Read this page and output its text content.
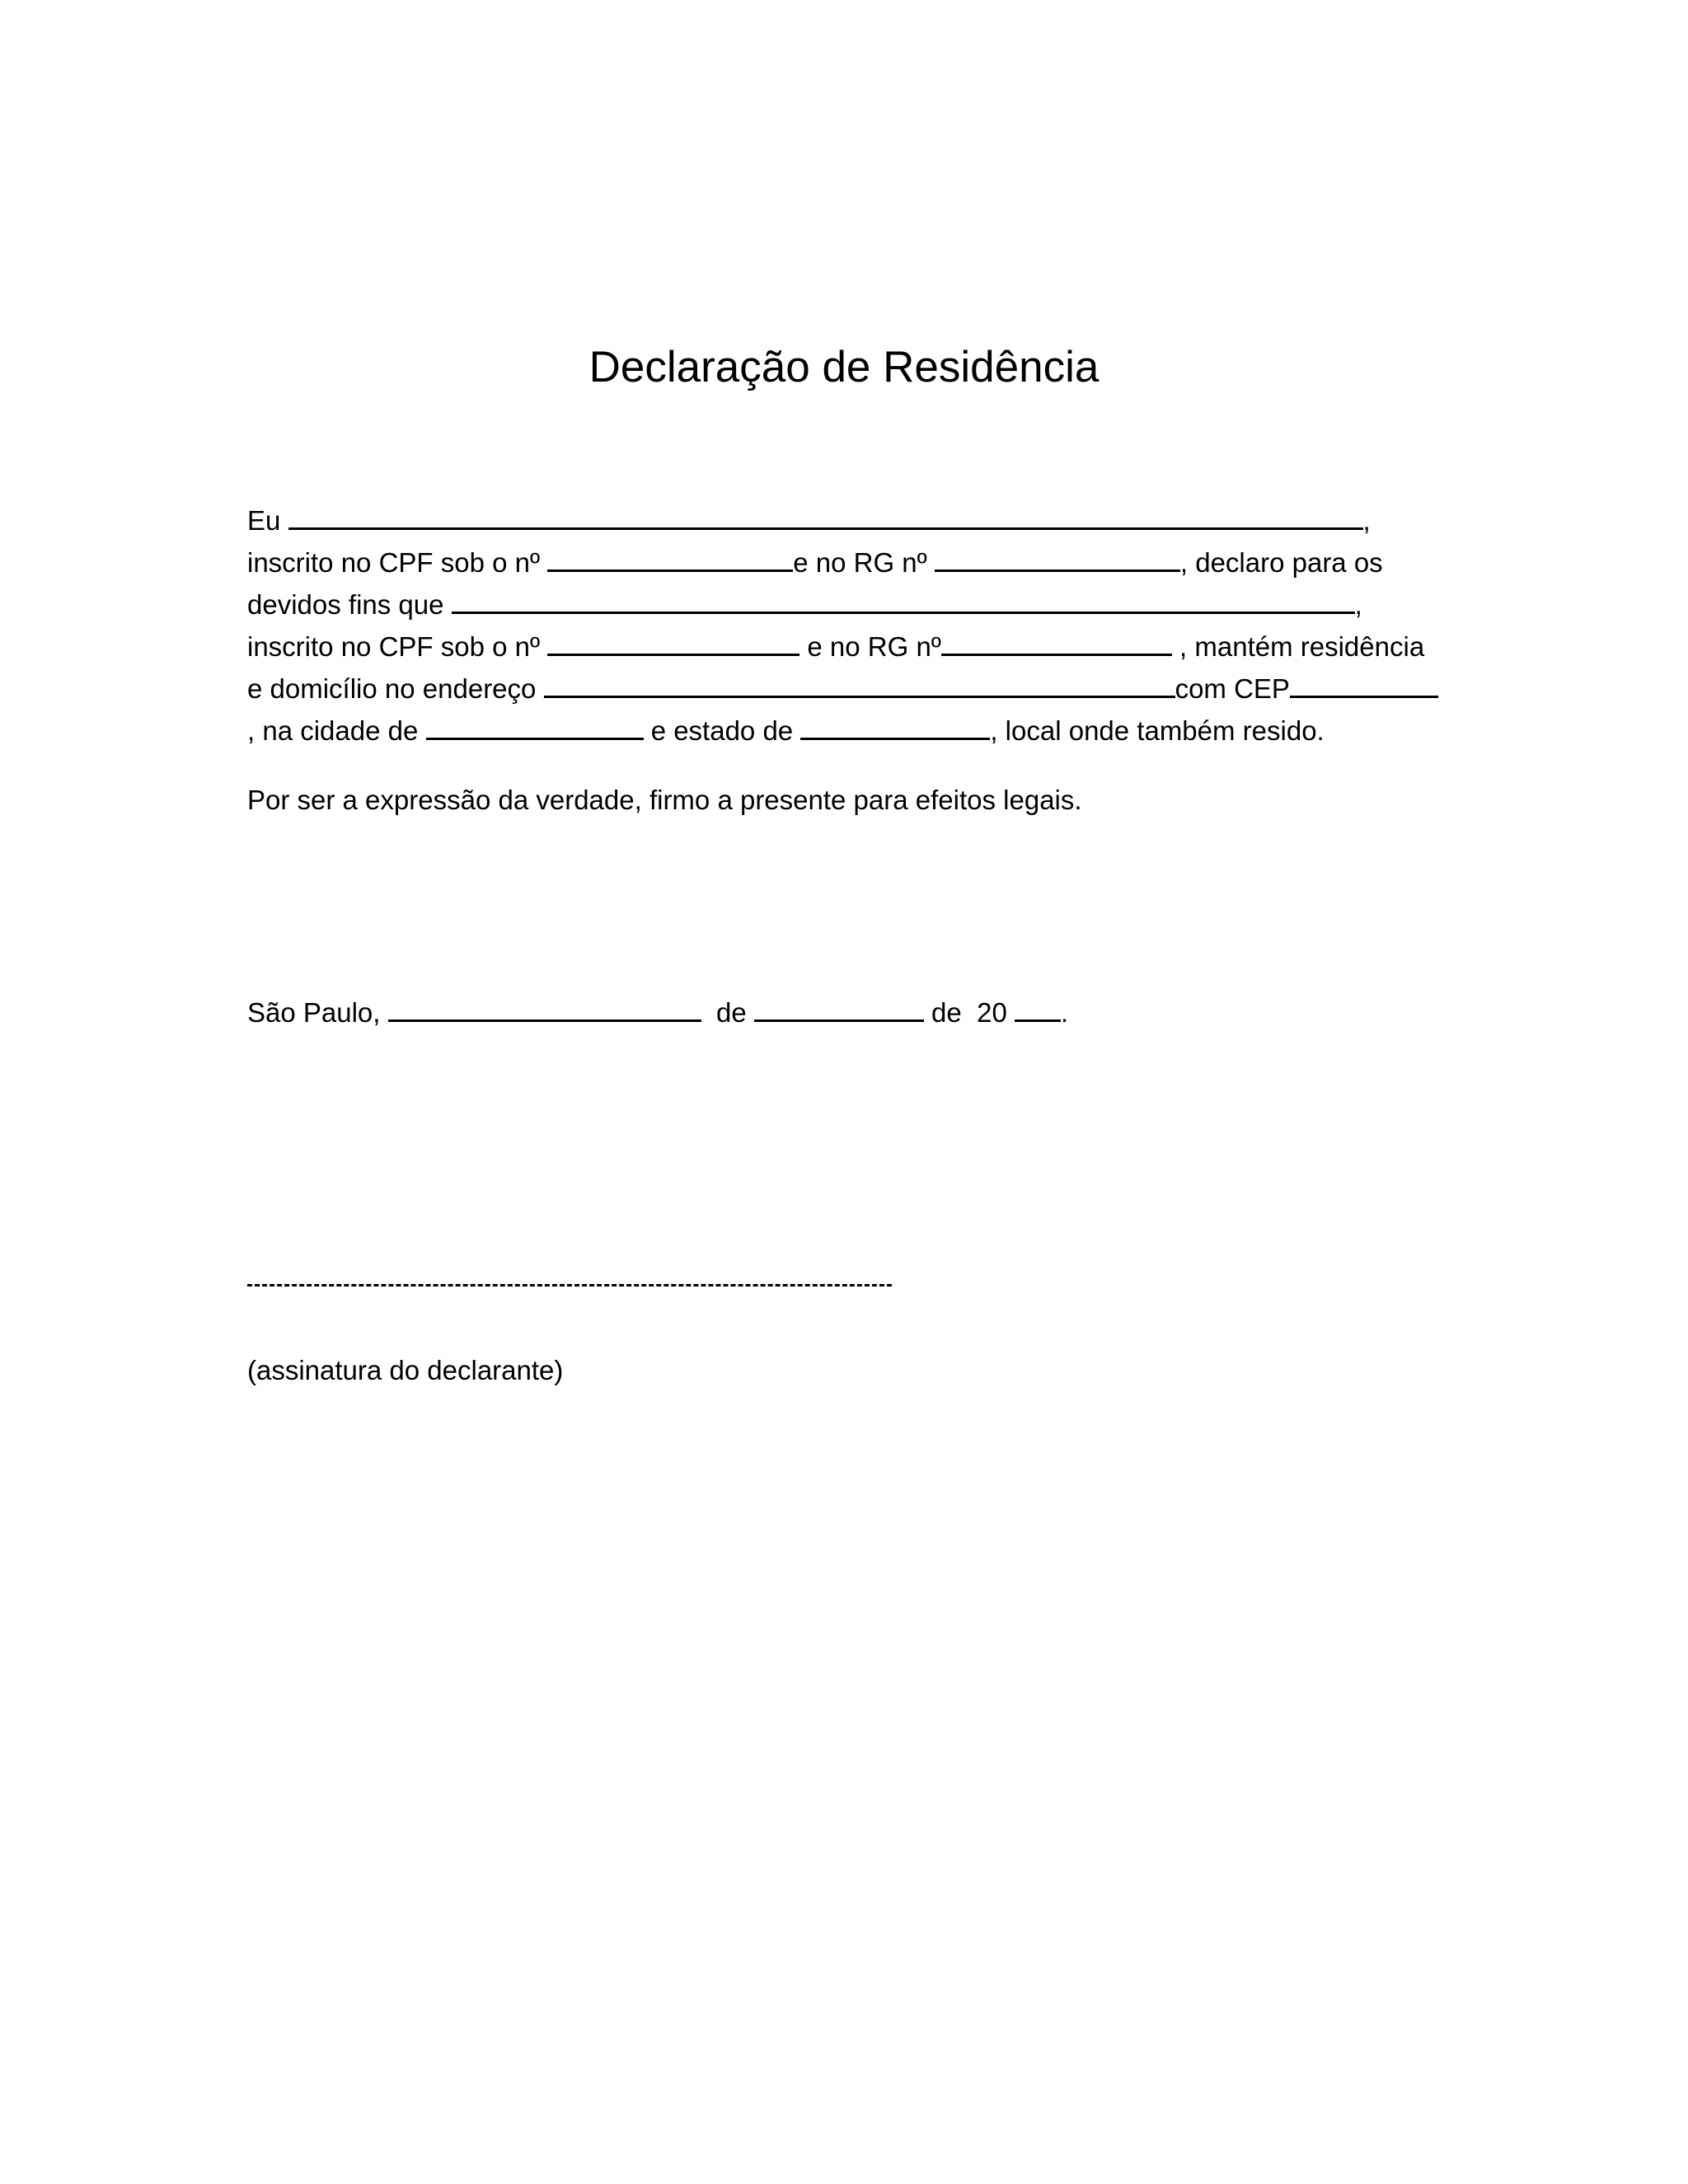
Declaração de Residência
Eu	,
inscrito no CPF sob o nº	e no RG nº	, declaro para os
devidos fins que	,
inscrito no CPF sob o nº	e no RG nº	, mantém residência
e domicílio no endereço	com CEP
, na cidade de	e estado de	, local onde também resido.
Por ser a expressão da verdade, firmo a presente para efeitos legais.
São Paulo,	de	de 20 .
(assinatura do declarante)
